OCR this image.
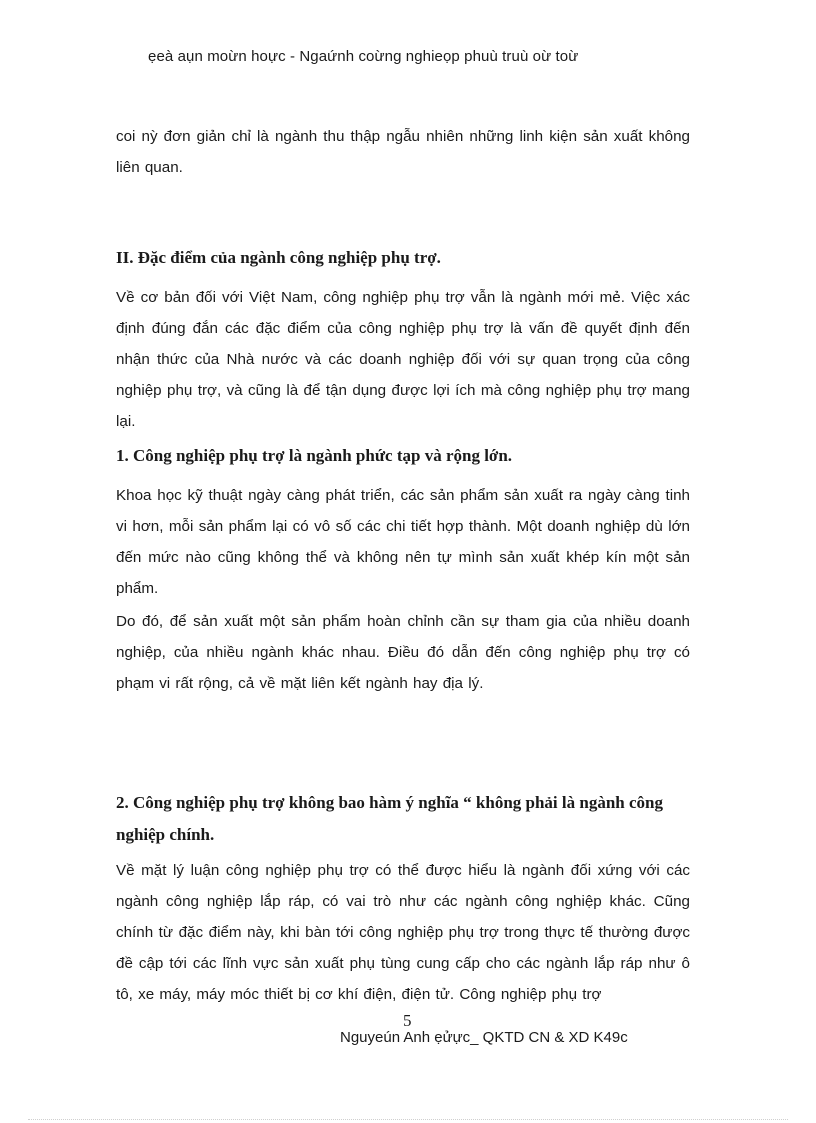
ẹeà aụn moừn hoực - Ngaứnh coừng nghieọp phuù truù oừ toừ

coi nỳ đơn giản chỉ là ngành thu thập ngẫu nhiên những linh kiện sản xuất không liên quan.

II. Đặc điểm của ngành công nghiệp phụ trợ.

Về cơ bản đối với Việt Nam, công nghiệp phụ trợ vẫn là ngành mới mẻ. Việc xác định đúng đắn các đặc điểm của công nghiệp phụ trợ là vấn đề quyết định đến nhận thức của Nhà nước và các doanh nghiệp đối với sự quan trọng của công nghiệp phụ trợ, và cũng là để tận dụng được lợi ích mà công nghiệp phụ trợ mang lại.

1. Công nghiệp phụ trợ là ngành phức tạp và rộng lớn.

Khoa học kỹ thuật ngày càng phát triển, các sản phẩm sản xuất ra ngày càng tinh vi hơn, mỗi sản phẩm lại có vô số các chi tiết hợp thành. Một doanh nghiệp dù lớn đến mức nào cũng không thể và không nên tự mình sản xuất khép kín một sản phẩm.

Do đó, để sản xuất một sản phẩm hoàn chỉnh cần sự tham gia của nhiều doanh nghiệp, của nhiều ngành khác nhau. Điều đó dẫn đến công nghiệp phụ trợ có phạm vi rất rộng, cả về mặt liên kết ngành hay địa lý.

2. Công nghiệp phụ trợ không bao hàm ý nghĩa “ không phải là ngành công nghiệp chính.

Về mặt lý luận công nghiệp phụ trợ có thể được hiểu là ngành đối xứng với các ngành công nghiệp lắp ráp, có vai trò như các ngành công nghiệp khác. Cũng chính từ đặc điểm này, khi bàn tới công nghiệp phụ trợ trong thực tế thường được đề cập tới các lĩnh vực sản xuất phụ tùng cung cấp cho các ngành lắp ráp như ô tô, xe máy, máy móc thiết bị cơ khí điện, điện tử. Công nghiệp phụ trợ

5
Nguyeún Anh ẹửực_ QKTD CN & XD K49c
